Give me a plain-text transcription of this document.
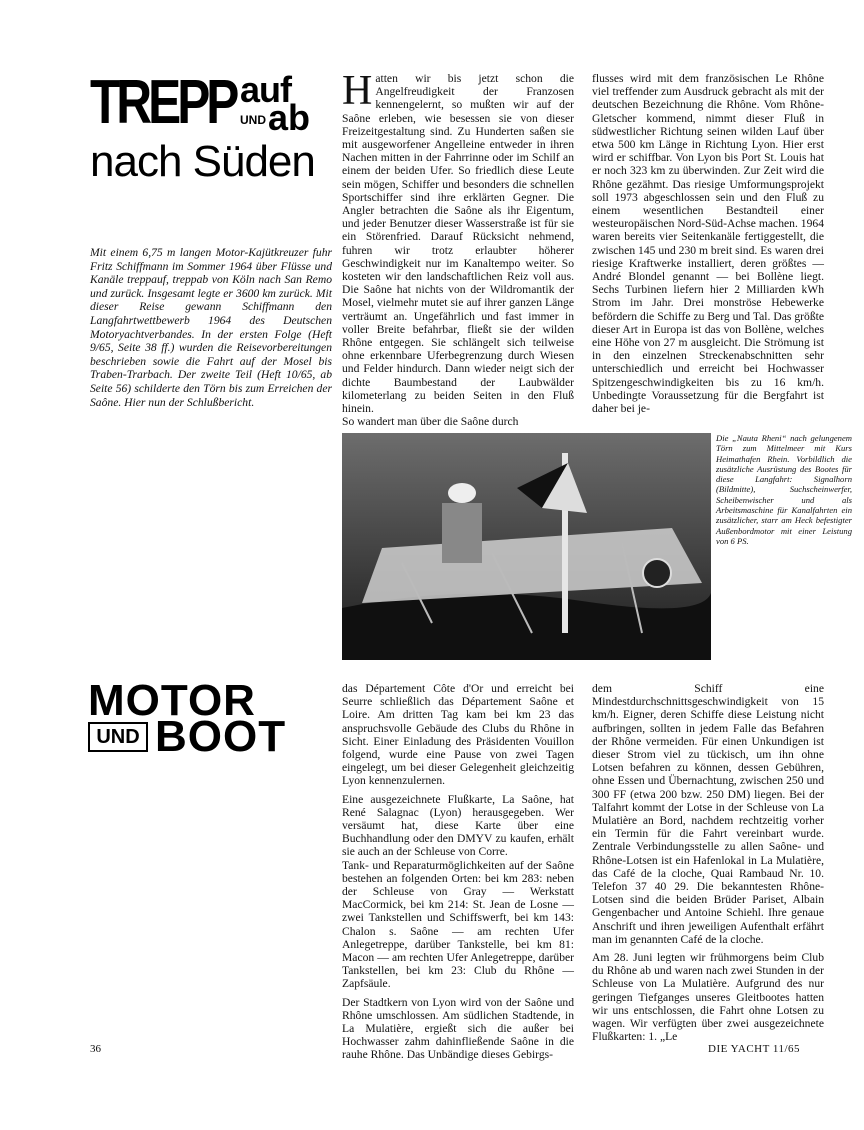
TREPP auf
UND ab
nach Süden
Mit einem 6,75 m langen Motor-Kajütkreuzer fuhr Fritz Schiffmann im Sommer 1964 über Flüsse und Kanäle treppauf, treppab von Köln nach San Remo und zurück. Insgesamt legte er 3600 km zurück. Mit dieser Reise gewann Schiffmann den Langfahrtwettbewerb 1964 des Deutschen Motoryachtverbandes. In der ersten Folge (Heft 9/65, Seite 38 ff.) wurden die Reisevorbereitungen beschrieben sowie die Fahrt auf der Mosel bis Traben-Trarbach. Der zweite Teil (Heft 10/65, ab Seite 56) schilderte den Törn bis zum Erreichen der Saône. Hier nun der Schlußbericht.

Hatten wir bis jetzt schon die Angelfreudigkeit der Franzosen kennengelernt, so mußten wir auf der Saône erleben, wie besessen sie von dieser Freizeitgestaltung sind. Zu Hunderten saßen sie mit ausgeworfener Angelleine entweder in ihren Nachen mitten in der Fahrrinne oder im Schilf an einem der beiden Ufer. So friedlich diese Leute sein mögen, Schiffer und besonders die schnellen Sportschiffer sind ihre erklärten Gegner. Die Angler betrachten die Saône als ihr Eigentum, und jeder Benutzer dieser Wasserstraße ist für sie ein Störenfried. Darauf Rücksicht nehmend, fuhren wir trotz erlaubter höherer Geschwindigkeit nur im Kanaltempo weiter. So kosteten wir den landschaftlichen Reiz voll aus. Die Saône hat nichts von der Wildromantik der Mosel, vielmehr mutet sie auf ihrer ganzen Länge verträumt an. Ungefährlich und fast immer in voller Breite befahrbar, fließt sie der wilden Rhône entgegen. Sie schlängelt sich teilweise ohne erkennbare Uferbegrenzung durch Wiesen und Felder hindurch. Dann wieder neigt sich der dichte Baumbestand der Laubwälder kilometerlang zu beiden Seiten in den Fluß hinein.

So wandert man über die Saône durch

flusses wird mit dem französischen Le Rhône viel treffender zum Ausdruck gebracht als mit der deutschen Bezeichnung die Rhône. Vom Rhône-Gletscher kommend, nimmt dieser Fluß in südwestlicher Richtung seinen wilden Lauf über etwa 500 km Länge in Richtung Lyon. Hier erst wird er schiffbar. Von Lyon bis Port St. Louis hat er noch 323 km zu überwinden. Zur Zeit wird die Rhône gezähmt. Das riesige Umformungsprojekt soll 1973 abgeschlossen sein und den Fluß zu einem wesentlichen Bestandteil einer westeuropäischen Nord-Süd-Achse machen. 1964 waren bereits vier Seitenkanäle fertiggestellt, die zwischen 145 und 230 m breit sind. Es waren drei riesige Kraftwerke installiert, deren größtes — André Blondel genannt — bei Bollène liegt. Sechs Turbinen liefern hier 2 Milliarden kWh Strom im Jahr. Drei monströse Hebewerke befördern die Schiffe zu Berg und Tal. Das größte dieser Art in Europa ist das von Bollène, welches eine Höhe von 27 m ausgleicht. Die Strömung ist in den einzelnen Streckenabschnitten sehr unterschiedlich und erreicht bei Hochwasser Spitzengeschwindigkeiten bis zu 16 km/h. Unbedingte Voraussetzung für die Bergfahrt ist daher bei je-

Die „Nauta Rheni“ nach gelungenem Törn zum Mittelmeer mit Kurs Heimathafen Rhein. Vorbildlich die zusätzliche Ausrüstung des Bootes für diese Langfahrt: Signalhorn (Bildmitte), Suchscheinwerfer, Scheibenwischer und als Arbeitsmaschine für Kanalfahrten ein zusätzlicher, starr am Heck befestigter Außenbordmotor mit einer Leistung von 6 PS.
MOTOR
UND BOOT

das Département Côte d'Or und erreicht bei Seurre schließlich das Département Saône et Loire. Am dritten Tag kam bei km 23 das anspruchsvolle Gebäude des Clubs du Rhône in Sicht. Einer Einladung des Präsidenten Vouillon folgend, wurde eine Pause von zwei Tagen eingelegt, um bei dieser Gelegenheit gleichzeitig Lyon kennenzulernen.

Eine ausgezeichnete Flußkarte, La Saône, hat René Salagnac (Lyon) herausgegeben. Wer versäumt hat, diese Karte über eine Buchhandlung oder den DMYV zu kaufen, erhält sie auch an der Schleuse von Corre.

Tank- und Reparaturmöglichkeiten auf der Saône bestehen an folgenden Orten: bei km 283: neben der Schleuse von Gray — Werkstatt MacCormick, bei km 214: St. Jean de Losne — zwei Tankstellen und Schiffswerft, bei km 143: Chalon s. Saône — am rechten Ufer Anlegetreppe, darüber Tankstelle, bei km 81: Macon — am rechten Ufer Anlegetreppe, darüber Tankstellen, bei km 23: Club du Rhône — Zapfsäule.

Der Stadtkern von Lyon wird von der Saône und Rhône umschlossen. Am südlichen Stadtende, in La Mulatière, ergießt sich die außer bei Hochwasser zahm dahinfließende Saône in die rauhe Rhône. Das Unbändige dieses Gebirgs-

dem Schiff eine Mindestdurchschnittsgeschwindigkeit von 15 km/h. Eigner, deren Schiffe diese Leistung nicht aufbringen, sollten in jedem Falle das Befahren der Rhône vermeiden. Für einen Unkundigen ist dieser Strom viel zu tückisch, um ihn ohne Lotsen befahren zu können, dessen Gebühren, ohne Essen und Übernachtung, zwischen 250 und 300 FF (etwa 200 bzw. 250 DM) liegen. Bei der Talfahrt kommt der Lotse in der Schleuse von La Mulatière an Bord, nachdem rechtzeitig vorher ein Termin für die Fahrt vereinbart wurde. Zentrale Verbindungsstelle zu allen Saône- und Rhône-Lotsen ist ein Hafenlokal in La Mulatière, das Café de la cloche, Quai Rambaud Nr. 10. Telefon 37 40 29. Die bekanntesten Rhône-Lotsen sind die beiden Brüder Pariset, Albain Gengenbacher und Antoine Schiehl. Ihre genaue Anschrift und ihren jeweiligen Aufenthalt erfährt man im genannten Café de la cloche.

Am 28. Juni legten wir frühmorgens beim Club du Rhône ab und waren nach zwei Stunden in der Schleuse von La Mulatière. Aufgrund des nur geringen Tiefganges unseres Gleitbootes hatten wir uns entschlossen, die Fahrt ohne Lotsen zu wagen. Wir verfügten über zwei ausgezeichnete Flußkarten: 1. „Le

36	DIE YACHT 11/65
